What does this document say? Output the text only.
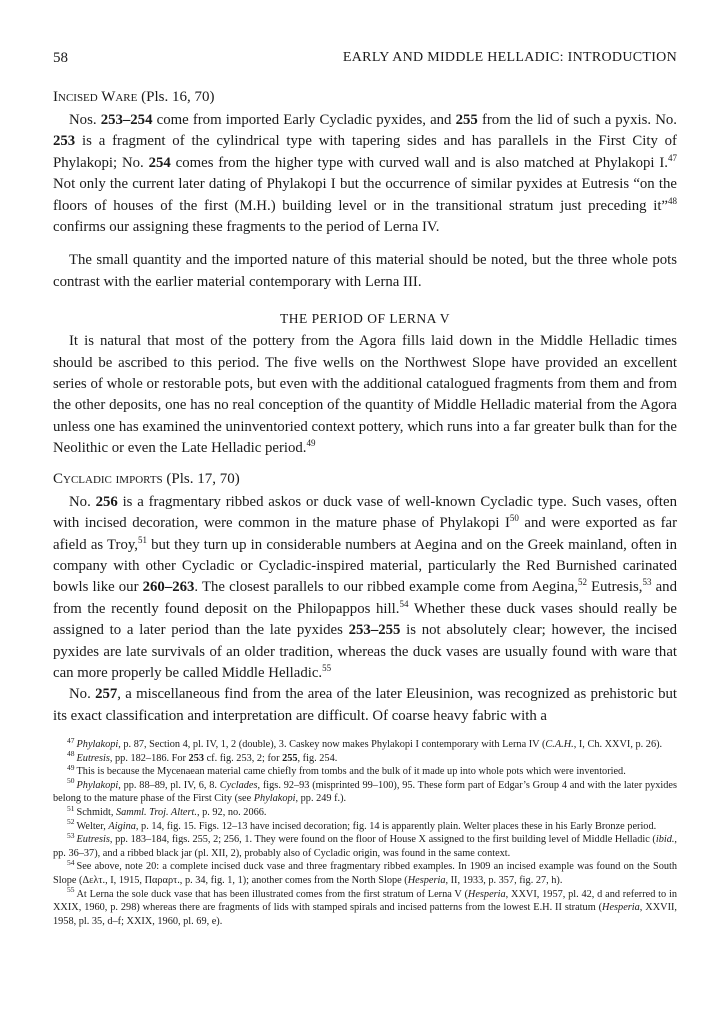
58	EARLY AND MIDDLE HELLADIC: INTRODUCTION
Incised Ware (Pls. 16, 70)

Nos. 253–254 come from imported Early Cycladic pyxides, and 255 from the lid of such a pyxis. No. 253 is a fragment of the cylindrical type with tapering sides and has parallels in the First City of Phylakopi; No. 254 comes from the higher type with curved wall and is also matched at Phylakopi I.$^{47}$ Not only the current later dating of Phylakopi I but the occurrence of similar pyxides at Eutresis “on the floors of houses of the first (M.H.) building level or in the transitional stratum just preceding it”$^{48}$ confirms our assigning these fragments to the period of Lerna IV.

The small quantity and the imported nature of this material should be noted, but the three whole pots contrast with the earlier material contemporary with Lerna III.

THE PERIOD OF LERNA V

It is natural that most of the pottery from the Agora fills laid down in the Middle Helladic times should be ascribed to this period. The five wells on the Northwest Slope have provided an excellent series of whole or restorable pots, but even with the additional catalogued fragments from them and from the other deposits, one has no real conception of the quantity of Middle Helladic material from the Agora unless one has examined the uninventoried context pottery, which runs into a far greater bulk than for the Neolithic or even the Late Helladic period.$^{49}$

Cycladic imports (Pls. 17, 70)

No. 256 is a fragmentary ribbed askos or duck vase of well-known Cycladic type. Such vases, often with incised decoration, were common in the mature phase of Phylakopi $I^{50}$ and were exported as far afield as Troy,$^{51}$ but they turn up in considerable numbers at Aegina and on the Greek mainland, often in company with other Cycladic or Cycladic-inspired material, particularly the Red Burnished carinated bowls like our 260–263. The closest parallels to our ribbed example come from Aegina,$^{52}$ Eutresis,$^{53}$ and from the recently found deposit on the Philopappos hill.$^{54}$ Whether these duck vases should really be assigned to a later period than the late pyxides 253–255 is not absolutely clear; however, the incised pyxides are late survivals of an older tradition, whereas the duck vases are usually found with ware that can more properly be called Middle Helladic.$^{55}$

No. 257, a miscellaneous find from the area of the later Eleusinion, was recognized as prehistoric but its exact classification and interpretation are difficult. Of coarse heavy fabric with a

$^{47}$ Phylakopi, p. 87, Section 4, pl. IV, 1, 2 (double), 3. Caskey now makes Phylakopi I contemporary with Lerna IV (C.A.H., I, Ch. XXVI, p. 26).

$^{48}$ Eutresis, pp. 182–186. For 253 cf. fig. 253, 2; for 255, fig. 254.

$^{49}$ This is because the Mycenaean material came chiefly from tombs and the bulk of it made up into whole pots which were inventoried.

$^{50}$ Phylakopi, pp. 88–89, pl. IV, 6, 8. Cyclades, figs. 92–93 (misprinted 99–100), 95. These form part of Edgar’s Group 4 and with the later pyxides belong to the mature phase of the First City (see Phylakopi, pp. 249 f.).

$^{51}$ Schmidt, Samml. Troj. Altert., p. 92, no. 2066.

$^{52}$ Welter, Aigina, p. 14, fig. 15. Figs. 12–13 have incised decoration; fig. 14 is apparently plain. Welter places these in his Early Bronze period.

$^{53}$ Eutresis, pp. 183–184, figs. 255, 2; 256, 1. They were found on the floor of House X assigned to the first building level of Middle Helladic (ibid., pp. 36–37), and a ribbed black jar (pl. XII, 2), probably also of Cycladic origin, was found in the same context.

$^{54}$ See above, note 20: a complete incised duck vase and three fragmentary ribbed examples. In 1909 an incised example was found on the South Slope (Δελτ., I, 1915, Παραρτ., p. 34, fig. 1, 1); another comes from the North Slope (Hesperia, II, 1933, p. 357, fig. 27, h).

$^{55}$ At Lerna the sole duck vase that has been illustrated comes from the first stratum of Lerna V (Hesperia, XXVI, 1957, pl. 42, d and referred to in XXIX, 1960, p. 298) whereas there are fragments of lids with stamped spirals and incised patterns from the lowest E.H. II stratum (Hesperia, XXVII, 1958, pl. 35, d–f; XXIX, 1960, pl. 69, e).
